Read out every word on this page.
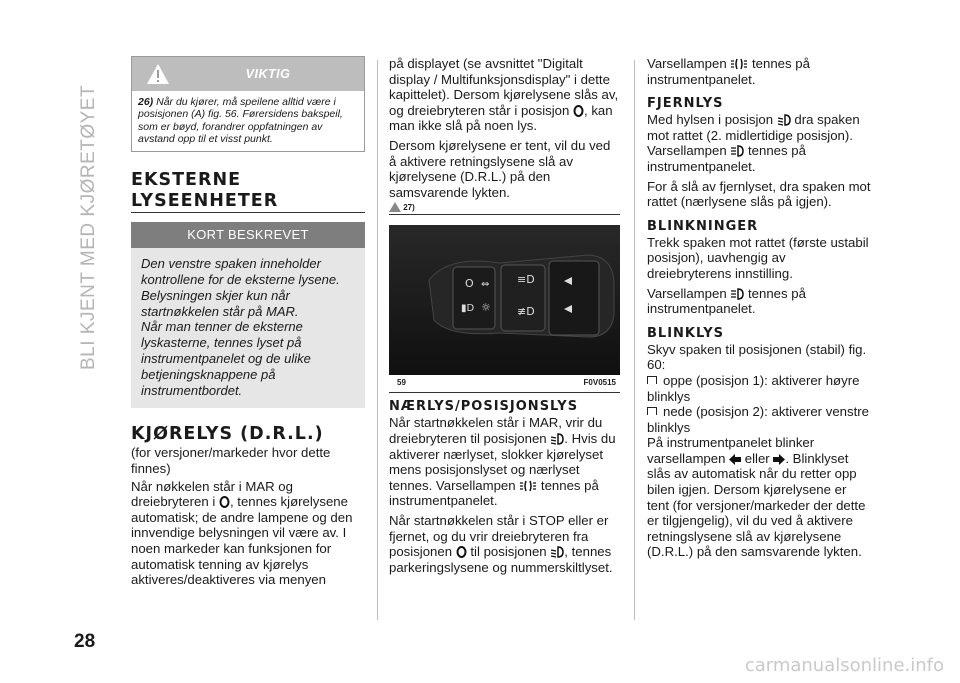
BLI KJENT MED KJØRETØYET
28
VIKTIG
26) Når du kjører, må speilene alltid være i posisjonen (A) fig. 56. Førersidens bakspeil, som er bøyd, forandrer oppfatningen av avstand opp til et visst punkt.
EKSTERNE
LYSEENHETER
KORT BESKREVET
Den venstre spaken inneholder kontrollene for de eksterne lysene.
Belysningen skjer kun når startnøkkelen står på MAR.
Når man tenner de eksterne lyskasterne, tennes lyset på instrumentpanelet og de ulike betjeningsknappene på instrumentbordet.
KJØRELYS (D.R.L.)

(for versjoner/markeder hvor dette finnes)

Når nøkkelen står i MAR og dreiebryteren i , tennes kjørelysene automatisk; de andre lampene og den innvendige belysningen vil være av. I noen markeder kan funksjonen for automatisk tenning av kjørelys aktiveres/deaktiveres via menyen

på displayet (se avsnittet "Digitalt display / Multifunksjonsdisplay" i dette kapittelet). Dersom kjørelysene slås av, og dreiebryteren står i posisjon , kan man ikke slå på noen lys.

Dersom kjørelysene er tent, vil du ved å aktivere retningslysene slå av kjørelysene (D.R.L.) på den samsvarende lykten.

27)
O ⇔
▮D ☼
≡D
≢D
59	F0V0515
NÆRLYS/POSISJONSLYS

Når startnøkkelen står i MAR, vrir du dreiebryteren til posisjonen . Hvis du aktiverer nærlyset, slokker kjørelyset mens posisjonslyset og nærlyset tennes. Varsellampen  tennes på instrumentpanelet.

Når startnøkkelen står i STOP eller er fjernet, og du vrir dreiebryteren fra posisjonen  til posisjonen , tennes parkeringslysene og nummerskiltlyset.

Varsellampen  tennes på instrumentpanelet.

FJERNLYS

Med hylsen i posisjon  dra spaken mot rattet (2. midlertidige posisjon). Varsellampen  tennes på instrumentpanelet.

For å slå av fjernlyset, dra spaken mot rattet (nærlysene slås på igjen).

BLINKNINGER

Trekk spaken mot rattet (første ustabil posisjon), uavhengig av dreiebryterens innstilling.

Varsellampen  tennes på instrumentpanelet.

BLINKLYS

Skyv spaken til posisjonen (stabil) fig. 60:

oppe (posisjon 1): aktiverer høyre blinklys

nede (posisjon 2): aktiverer venstre blinklys

På instrumentpanelet blinker varsellampen  eller . Blinklyset slås av automatisk når du retter opp bilen igjen. Dersom kjørelysene er tent (for versjoner/markeder der dette er tilgjengelig), vil du ved å aktivere retningslysene slå av kjørelysene (D.R.L.) på den samsvarende lykten.

carmanualsonline.info
